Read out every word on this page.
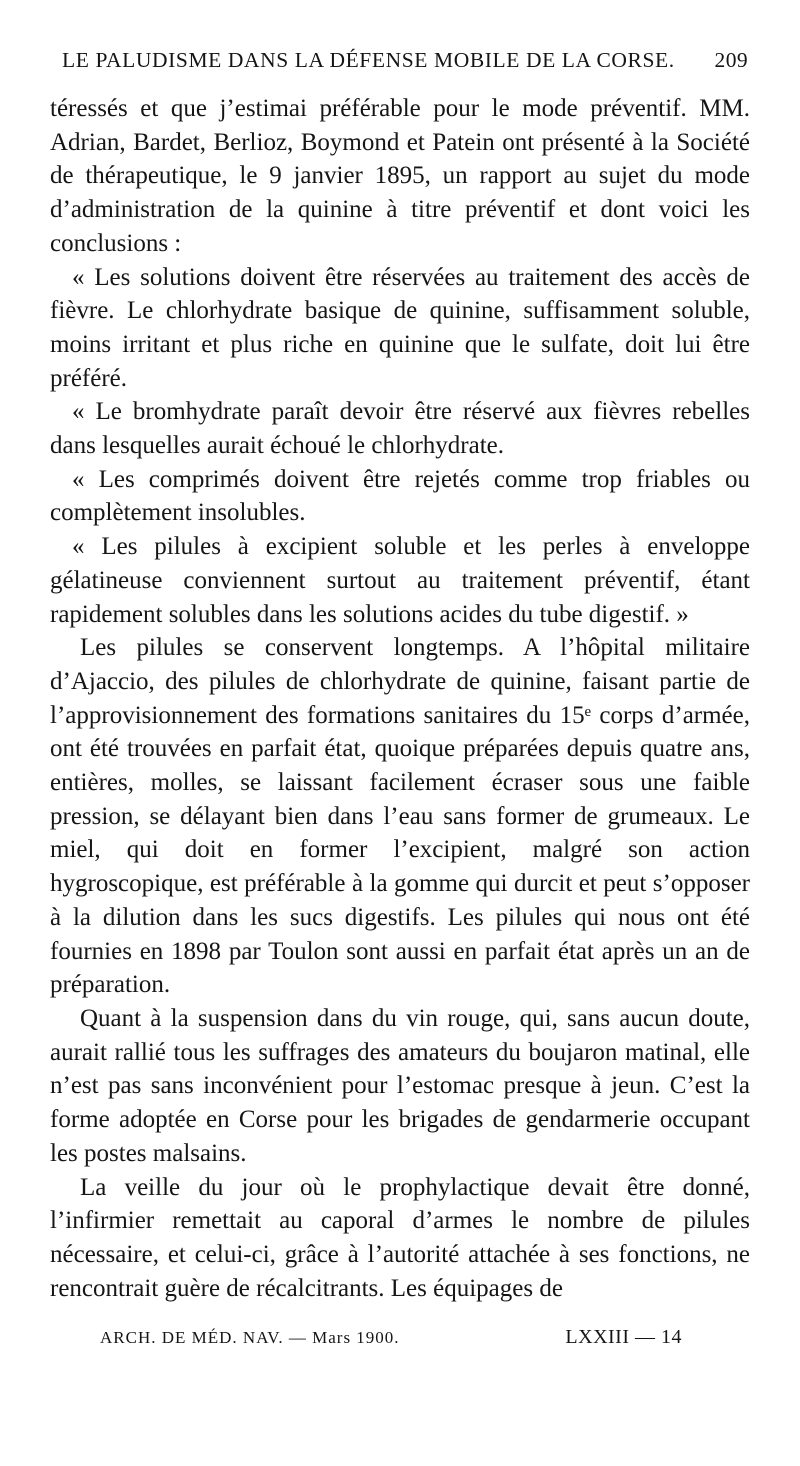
LE PALUDISME DANS LA DÉFENSE MOBILE DE LA CORSE. 209

téressés et que j’estimai préférable pour le mode préventif. MM. Adrian, Bardet, Berlioz, Boymond et Patein ont présenté à la Société de thérapeutique, le 9 janvier 1895, un rapport au sujet du mode d’administration de la quinine à titre préventif et dont voici les conclusions :

« Les solutions doivent être réservées au traitement des accès de fièvre. Le chlorhydrate basique de quinine, suffisamment soluble, moins irritant et plus riche en quinine que le sulfate, doit lui être préféré.

« Le bromhydrate paraît devoir être réservé aux fièvres rebelles dans lesquelles aurait échoué le chlorhydrate.

« Les comprimés doivent être rejetés comme trop friables ou complètement insolubles.

« Les pilules à excipient soluble et les perles à enveloppe gélatineuse conviennent surtout au traitement préventif, étant rapidement solubles dans les solutions acides du tube digestif. »

Les pilules se conservent longtemps. A l’hôpital militaire d’Ajaccio, des pilules de chlorhydrate de quinine, faisant partie de l’approvisionnement des formations sanitaires du 15ᵉ corps d’armée, ont été trouvées en parfait état, quoique préparées depuis quatre ans, entières, molles, se laissant facilement écraser sous une faible pression, se délayant bien dans l’eau sans former de grumeaux. Le miel, qui doit en former l’excipient, malgré son action hygroscopique, est préférable à la gomme qui durcit et peut s’opposer à la dilution dans les sucs digestifs. Les pilules qui nous ont été fournies en 1898 par Toulon sont aussi en parfait état après un an de préparation.

Quant à la suspension dans du vin rouge, qui, sans aucun doute, aurait rallié tous les suffrages des amateurs du boujaron matinal, elle n’est pas sans inconvénient pour l’estomac presque à jeun. C’est la forme adoptée en Corse pour les brigades de gendarmerie occupant les postes malsains.

La veille du jour où le prophylactique devait être donné, l’infirmier remettait au caporal d’armes le nombre de pilules nécessaire, et celui-ci, grâce à l’autorité attachée à ses fonctions, ne rencontrait guère de récalcitrants. Les équipages de

ARCH. DE MÉD. NAV. — Mars 1900.	LXXIII — 14
